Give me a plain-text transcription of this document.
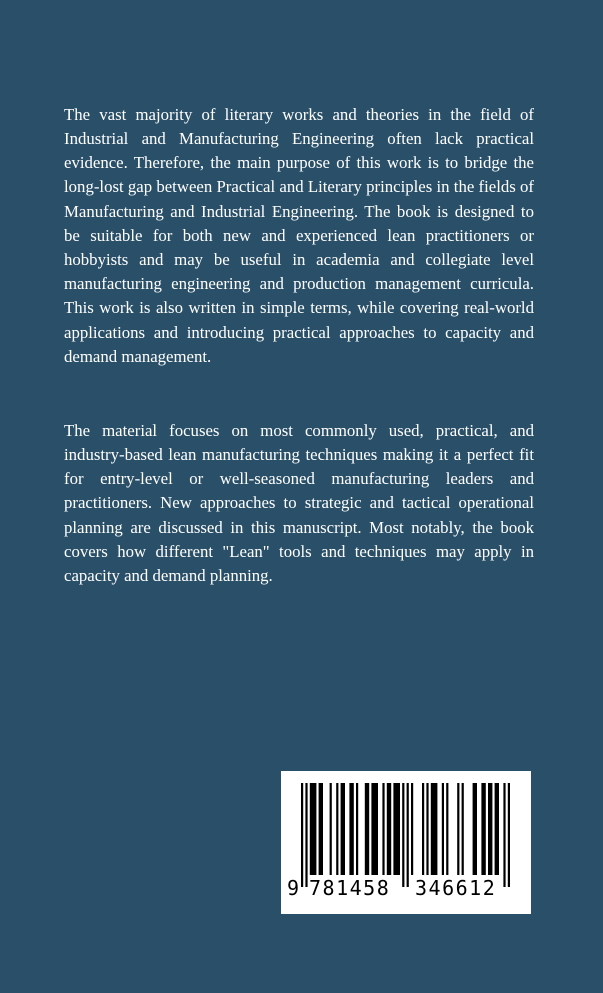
The vast majority of literary works and theories in the field of Industrial and Manufacturing Engineering often lack practical evidence. Therefore, the main purpose of this work is to bridge the long-lost gap between Practical and Literary principles in the fields of Manufacturing and Industrial Engineering. The book is designed to be suitable for both new and experienced lean practitioners or hobbyists and may be useful in academia and collegiate level manufacturing engineering and production management curricula. This work is also written in simple terms, while covering real-world applications and introducing practical approaches to capacity and demand management.

The material focuses on most commonly used, practical, and industry-based lean manufacturing techniques making it a perfect fit for entry-level or well-seasoned manufacturing leaders and practitioners. New approaches to strategic and tactical operational planning are discussed in this manuscript. Most notably, the book covers how different "Lean" tools and techniques may apply in capacity and demand planning.

9 781458 346612
